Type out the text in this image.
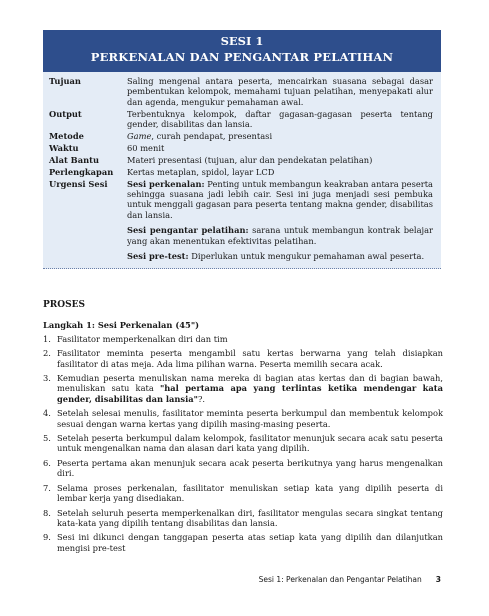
SESI 1
PERKENALAN DAN PENGANTAR PELATIHAN
Tujuan	Saling mengenal antara peserta, mencairkan suasana sebagai dasar pembentukan kelompok, memahami tujuan pelatihan, menyepakati alur dan agenda, mengukur pemahaman awal.
Output	Terbentuknya kelompok, daftar gagasan-gagasan peserta tentang gender, disabilitas dan lansia.
Metode	Game, curah pendapat, presentasi
Waktu	60 menit
Alat Bantu	Materi presentasi (tujuan, alur dan pendekatan pelatihan)
Perlengkapan	Kertas metaplan, spidol, layar LCD
Urgensi Sesi	Sesi perkenalan: Penting untuk membangun keakraban antara peserta sehingga suasana jadi lebih cair. Sesi ini juga menjadi sesi pembuka untuk menggali gagasan para peserta tentang makna gender, disabilitas dan lansia.

Sesi pengantar pelatihan: sarana untuk membangun kontrak belajar yang akan menentukan efektivitas pelatihan.

Sesi pre-test: Diperlukan untuk mengukur pemahaman awal peserta.

PROSES
Langkah 1: Sesi Perkenalan (45")
1. Fasilitator memperkenalkan diri dan tim
2. Fasilitator meminta peserta mengambil satu kertas berwarna yang telah disiapkan fasilitator di atas meja. Ada lima pilihan warna. Peserta memilih secara acak.
3. Kemudian peserta menuliskan nama mereka di bagian atas kertas dan di bagian bawah, menuliskan satu kata "hal pertama apa yang terlintas ketika mendengar kata gender, disabilitas dan lansia"?.
4. Setelah selesai menulis, fasilitator meminta peserta berkumpul dan membentuk kelompok sesuai dengan warna kertas yang dipilih masing-masing peserta.
5. Setelah peserta berkumpul dalam kelompok, fasilitator menunjuk secara acak satu peserta untuk mengenalkan nama dan alasan dari kata yang dipilih.
6. Peserta pertama akan menunjuk secara acak peserta berikutnya yang harus mengenalkan diri.
7. Selama proses perkenalan, fasilitator menuliskan setiap kata yang dipilih peserta di lembar kerja yang disediakan.
8. Setelah seluruh peserta memperkenalkan diri, fasilitator mengulas secara singkat tentang kata-kata yang dipilih tentang disabilitas dan lansia.
9. Sesi ini dikunci dengan tanggapan peserta atas setiap kata yang dipilih dan dilanjutkan mengisi pre-test
Sesi 1: Perkenalan dan Pengantar Pelatihan 3
